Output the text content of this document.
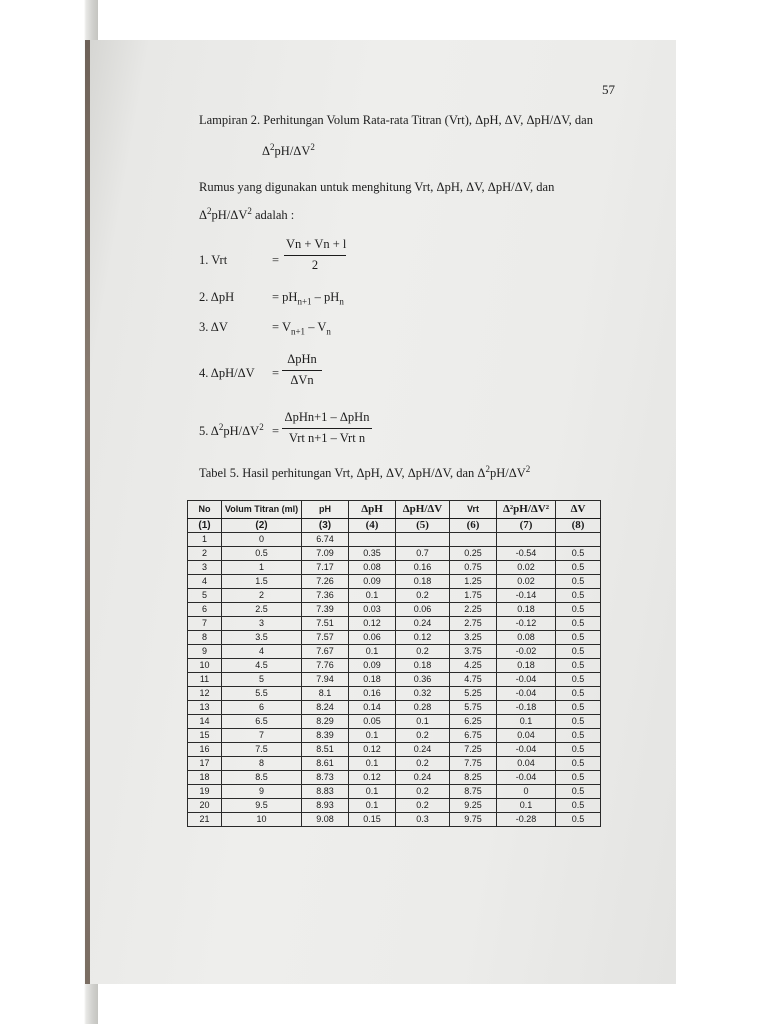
57
Lampiran 2. Perhitungan Volum Rata-rata Titran (Vrt), ΔpH, ΔV, ΔpH/ΔV, dan
$\Delta^2pH/\Delta V^2$
Rumus yang digunakan untuk menghitung Vrt, ΔpH, ΔV, ΔpH/ΔV, dan
$\Delta^2pH/\Delta V^2$ adalah :
1. Vrt	=
Vn + Vn + l
2
2. ΔpH	= $pH_{n+1} - pH_n$
3. ΔV	= $V_{n+1} - V_n$
4. ΔpH/ΔV =
ΔpHn
ΔVn
5. $\Delta^2pH/\Delta V^2$ =
ΔpHn+1 – ΔpHn
Vrt n+1 – Vrt n
Tabel 5. Hasil perhitungan Vrt, ΔpH, ΔV, ΔpH/ΔV, dan $\Delta^2pH/\Delta V^2$
No	Volum Titran (ml)	pH	ΔpH	ΔpH/ΔV	Vrt	Δ²pH/ΔV²	ΔV
(1)	(2)	(3)	(4)	(5)	(6)	(7)	(8)
1	0	6.74					
2	0.5	7.09	0.35	0.7	0.25	-0.54	0.5
3	1	7.17	0.08	0.16	0.75	0.02	0.5
4	1.5	7.26	0.09	0.18	1.25	0.02	0.5
5	2	7.36	0.1	0.2	1.75	-0.14	0.5
6	2.5	7.39	0.03	0.06	2.25	0.18	0.5
7	3	7.51	0.12	0.24	2.75	-0.12	0.5
8	3.5	7.57	0.06	0.12	3.25	0.08	0.5
9	4	7.67	0.1	0.2	3.75	-0.02	0.5
10	4.5	7.76	0.09	0.18	4.25	0.18	0.5
11	5	7.94	0.18	0.36	4.75	-0.04	0.5
12	5.5	8.1	0.16	0.32	5.25	-0.04	0.5
13	6	8.24	0.14	0.28	5.75	-0.18	0.5
14	6.5	8.29	0.05	0.1	6.25	0.1	0.5
15	7	8.39	0.1	0.2	6.75	0.04	0.5
16	7.5	8.51	0.12	0.24	7.25	-0.04	0.5
17	8	8.61	0.1	0.2	7.75	0.04	0.5
18	8.5	8.73	0.12	0.24	8.25	-0.04	0.5
19	9	8.83	0.1	0.2	8.75	0	0.5
20	9.5	8.93	0.1	0.2	9.25	0.1	0.5
21	10	9.08	0.15	0.3	9.75	-0.28	0.5
